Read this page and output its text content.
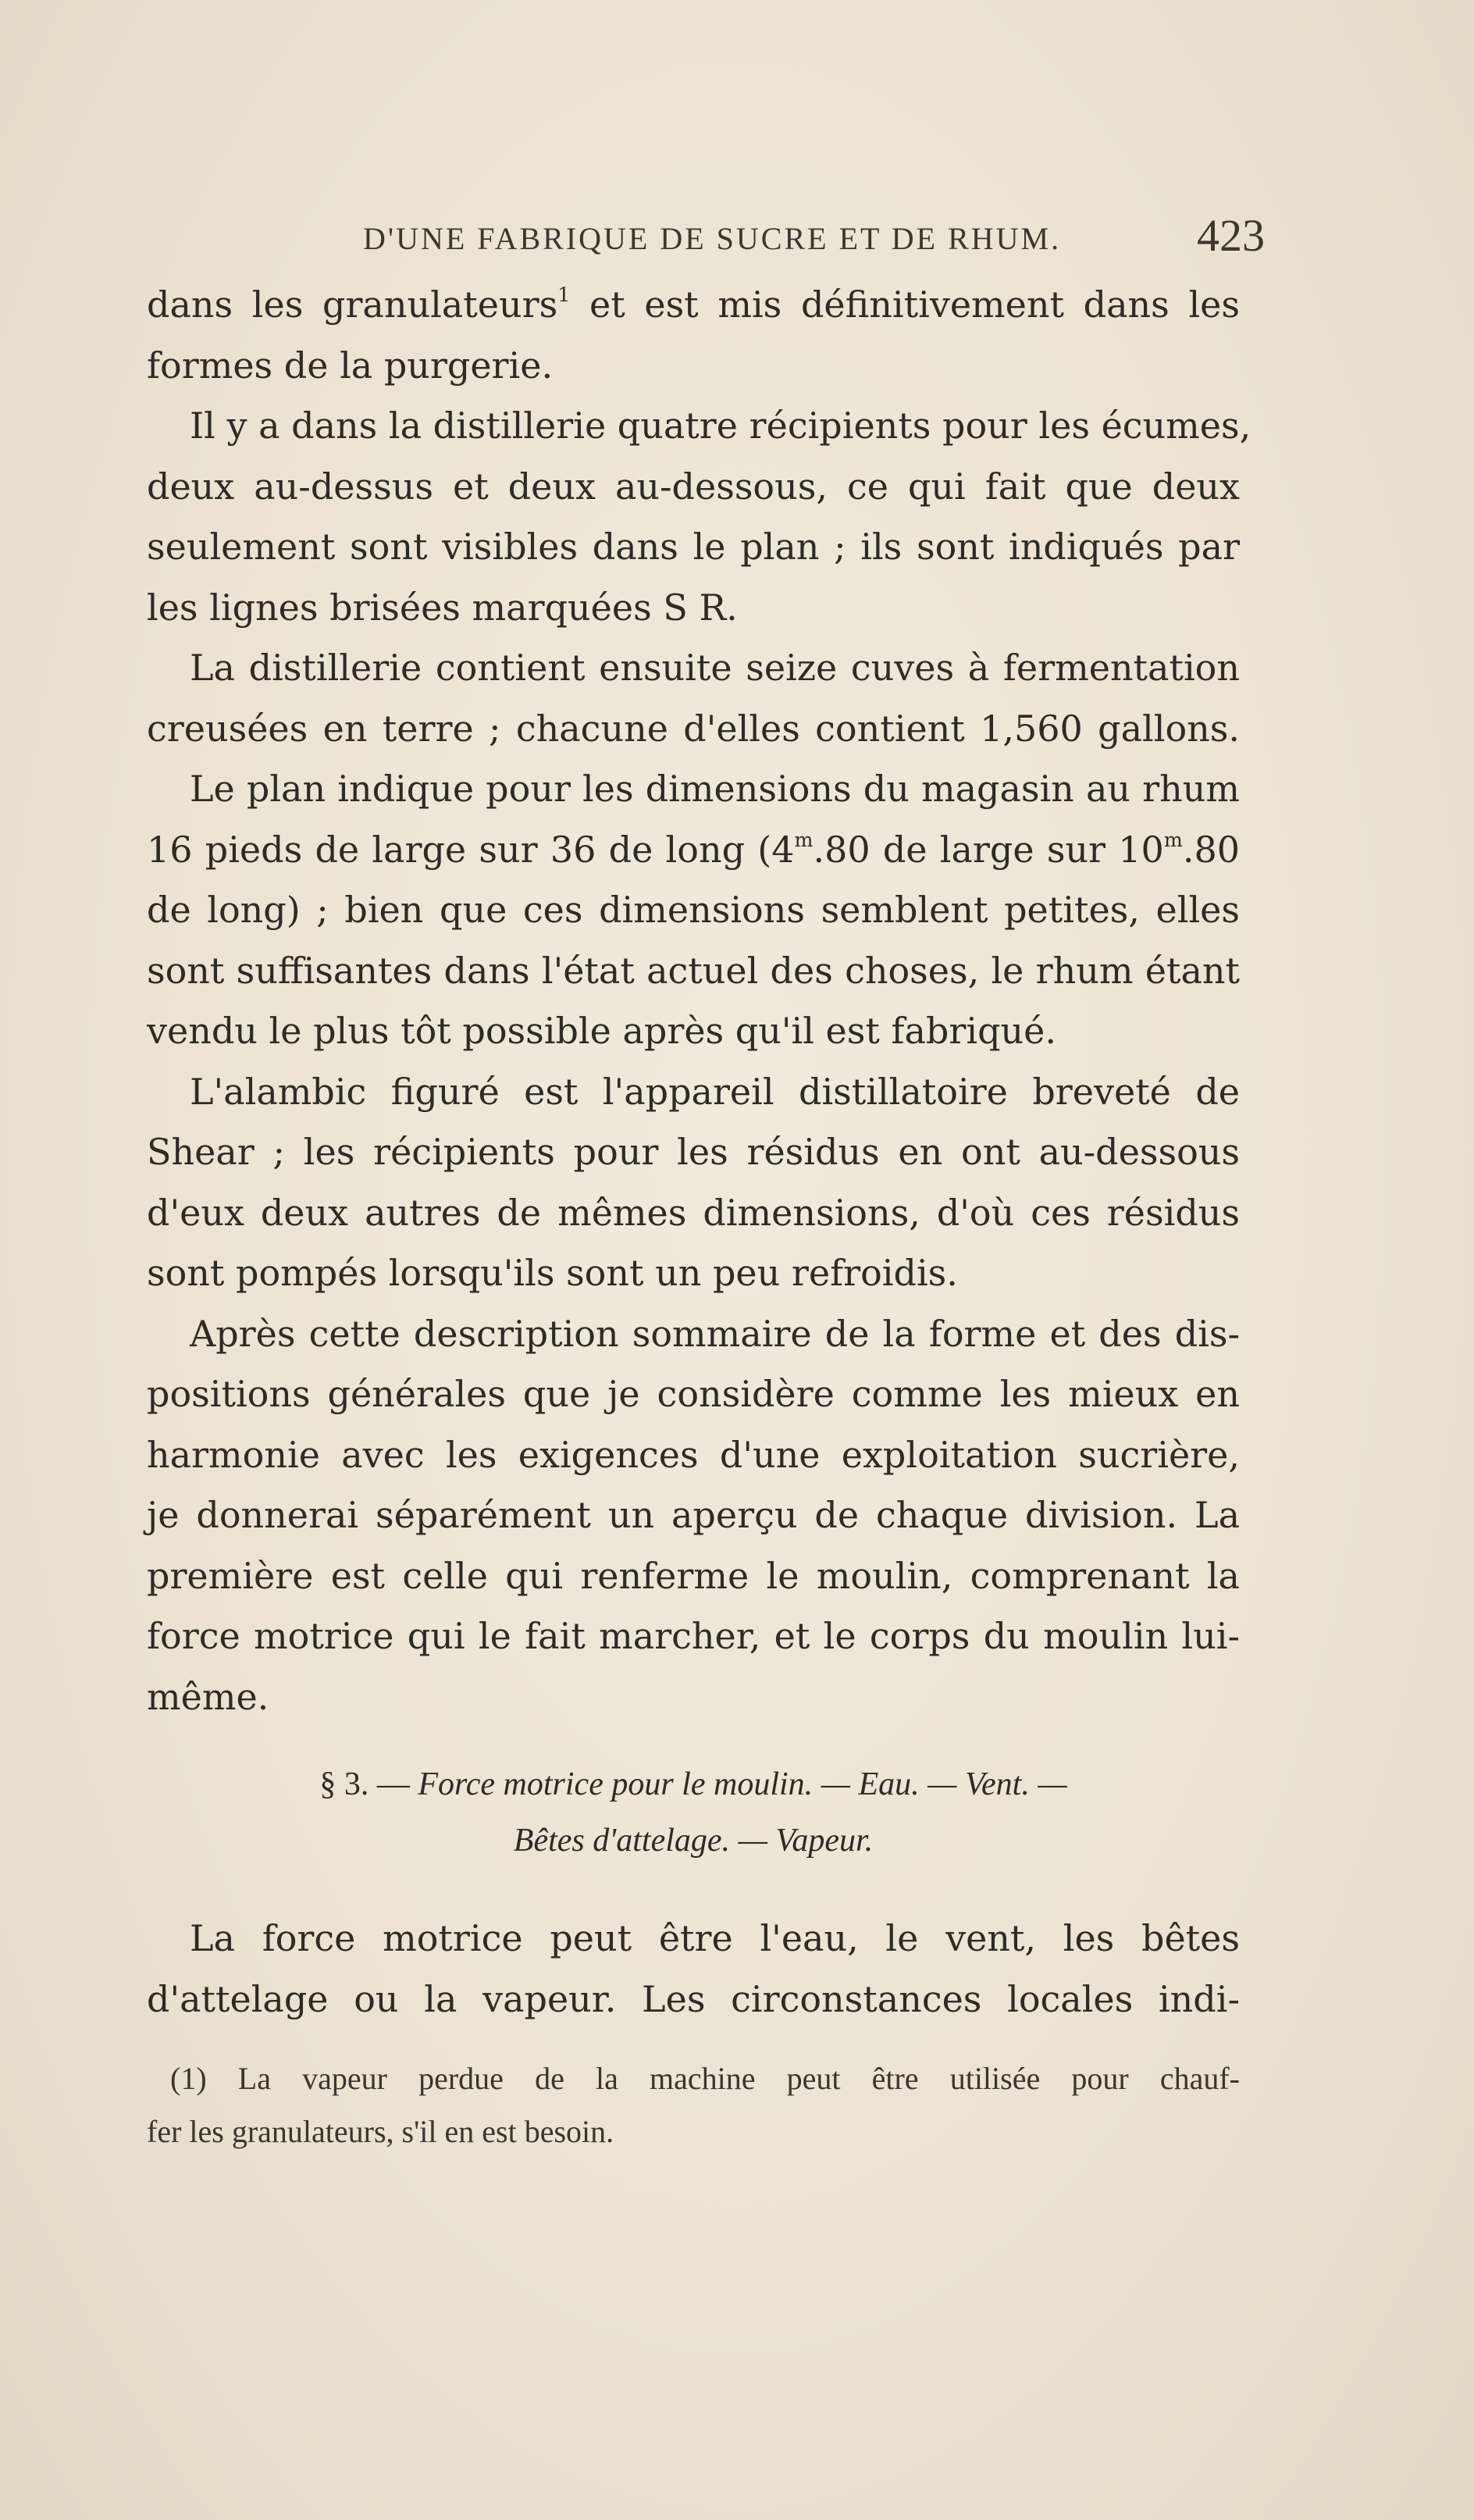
D'UNE FABRIQUE DE SUCRE ET DE RHUM.	423
dans les granulateurs$^1$ et est mis définitivement dans les
formes de la purgerie.
Il y a dans la distillerie quatre récipients pour les écumes,
deux au-dessus et deux au-dessous, ce qui fait que deux
seulement sont visibles dans le plan ; ils sont indiqués par
les lignes brisées marquées S R.
La distillerie contient ensuite seize cuves à fermentation
creusées en terre ; chacune d'elles contient 1,560 gallons.
Le plan indique pour les dimensions du magasin au rhum
16 pieds de large sur 36 de long (4$^m$.80 de large sur 10$^m$.80
de long) ; bien que ces dimensions semblent petites, elles
sont suffisantes dans l'état actuel des choses, le rhum étant
vendu le plus tôt possible après qu'il est fabriqué.
L'alambic figuré est l'appareil distillatoire breveté de
Shear ; les récipients pour les résidus en ont au-dessous
d'eux deux autres de mêmes dimensions, d'où ces résidus
sont pompés lorsqu'ils sont un peu refroidis.
Après cette description sommaire de la forme et des dis-
positions générales que je considère comme les mieux en
harmonie avec les exigences d'une exploitation sucrière,
je donnerai séparément un aperçu de chaque division. La
première est celle qui renferme le moulin, comprenant la
force motrice qui le fait marcher, et le corps du moulin lui-
même.
§ 3. — Force motrice pour le moulin. — Eau. — Vent. —
Bêtes d'attelage. — Vapeur.
La force motrice peut être l'eau, le vent, les bêtes
d'attelage ou la vapeur. Les circonstances locales indi-
(1) La vapeur perdue de la machine peut être utilisée pour chauf-
fer les granulateurs, s'il en est besoin.
